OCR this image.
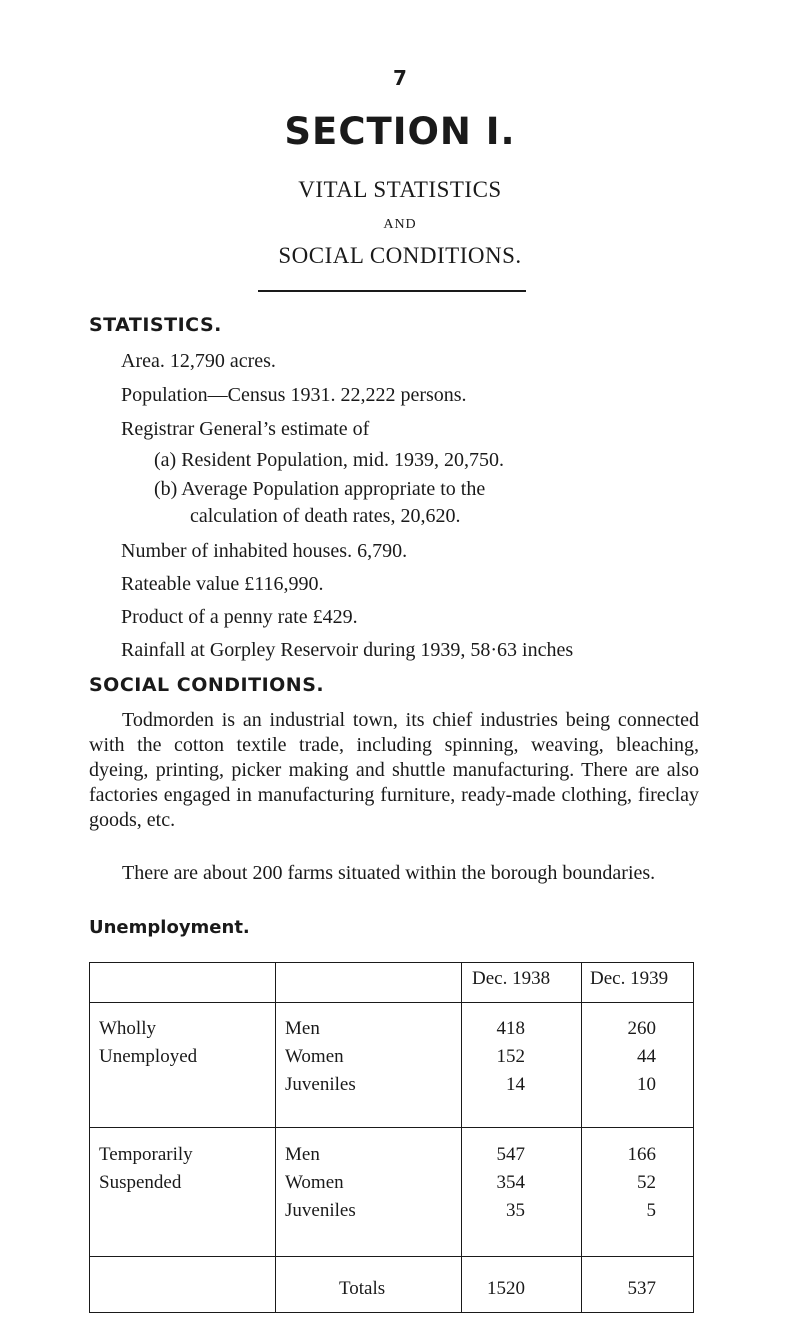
7
SECTION I.
VITAL STATISTICS
AND
SOCIAL CONDITIONS.
STATISTICS.
Area. 12,790 acres.
Population—Census 1931. 22,222 persons.
Registrar General’s estimate of
(a) Resident Population, mid. 1939, 20,750.
(b) Average Population appropriate to the
calculation of death rates, 20,620.
Number of inhabited houses. 6,790.
Rateable value £116,990.
Product of a penny rate £429.
Rainfall at Gorpley Reservoir during 1939, 58·63 inches
SOCIAL CONDITIONS.
Todmorden is an industrial town, its chief industries being connected with the cotton textile trade, including spinning, weaving, bleaching, dyeing, printing, picker making and shuttle manufacturing. There are also factories engaged in manufacturing furniture, ready-made clothing, fireclay goods, etc.
There are about 200 farms situated within the borough boundaries.
Unemployment.
Dec. 1938 Dec. 1939
Wholly
Unemployed
Men
Women
Juveniles
418
152
14
260
44
10
Temporarily
Suspended
Men
Women
Juveniles
547
354
35
166
52
5
Totals	1520	537
